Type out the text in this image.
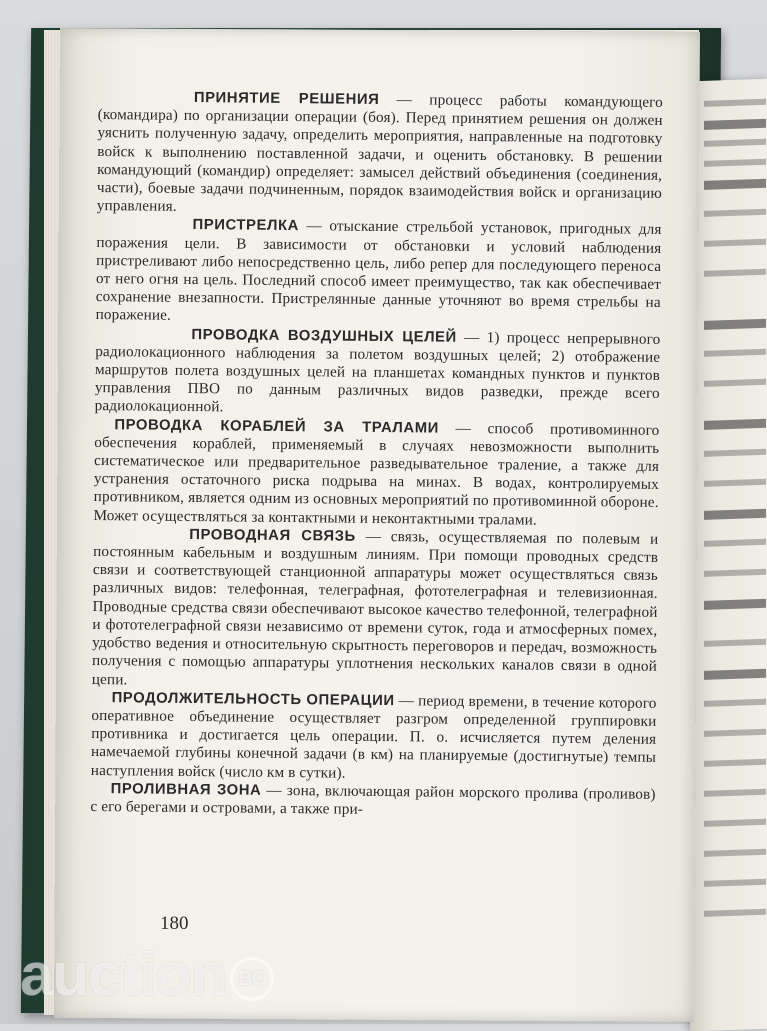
ПРИНЯТИЕ РЕШЕНИЯ — процесс работы командующего (командира) по организации операции (боя). Перед принятием решения он должен уяснить полученную задачу, определить мероприятия, направленные на подготовку войск к выполнению поставленной задачи, и оценить обстановку. В решении командующий (командир) определяет: замысел действий объединения (соединения, части), боевые задачи подчиненным, порядок взаимодействия войск и организацию управления.

ПРИСТРЕЛКА — отыскание стрельбой установок, пригодных для поражения цели. В зависимости от обстановки и условий наблюдения пристреливают либо непосредственно цель, либо репер для последующего переноса от него огня на цель. Последний способ имеет преимущество, так как обеспечивает сохранение внезапности. Пристрелянные данные уточняют во время стрельбы на поражение.

ПРОВОДКА ВОЗДУШНЫХ ЦЕЛЕЙ — 1) процесс непрерывного радиолокационного наблюдения за полетом воздушных целей; 2) отображение маршрутов полета воздушных целей на планшетах командных пунктов и пунктов управления ПВО по данным различных видов разведки, прежде всего радиолокационной.

ПРОВОДКА КОРАБЛЕЙ ЗА ТРАЛАМИ — способ противоминного обеспечения кораблей, применяемый в случаях невозможности выполнить систематическое или предварительное разведывательное траление, а также для устранения остаточного риска подрыва на минах. В водах, контролируемых противником, является одним из основных мероприятий по противоминной обороне. Может осуществляться за контактными и неконтактными тралами.

ПРОВОДНАЯ СВЯЗЬ — связь, осуществляемая по полевым и постоянным кабельным и воздушным линиям. При помощи проводных средств связи и соответствующей станционной аппаратуры может осуществляться связь различных видов: телефонная, телеграфная, фототелеграфная и телевизионная. Проводные средства связи обеспечивают высокое качество телефонной, телеграфной и фототелеграфной связи независимо от времени суток, года и атмосферных помех, удобство ведения и относительную скрытность переговоров и передач, возможность получения с помощью аппаратуры уплотнения нескольких каналов связи в одной цепи.

ПРОДОЛЖИТЕЛЬНОСТЬ ОПЕРАЦИИ — период времени, в течение которого оперативное объединение осуществляет разгром определенной группировки противника и достигается цель операции. П. о. исчисляется путем деления намечаемой глубины конечной задачи (в км) на планируемые (достигнутые) темпы наступления войск (число км в сутки).

ПРОЛИВНАЯ ЗОНА — зона, включающая район морского пролива (проливов) с его берегами и островами, а также при-

180
auction BG
